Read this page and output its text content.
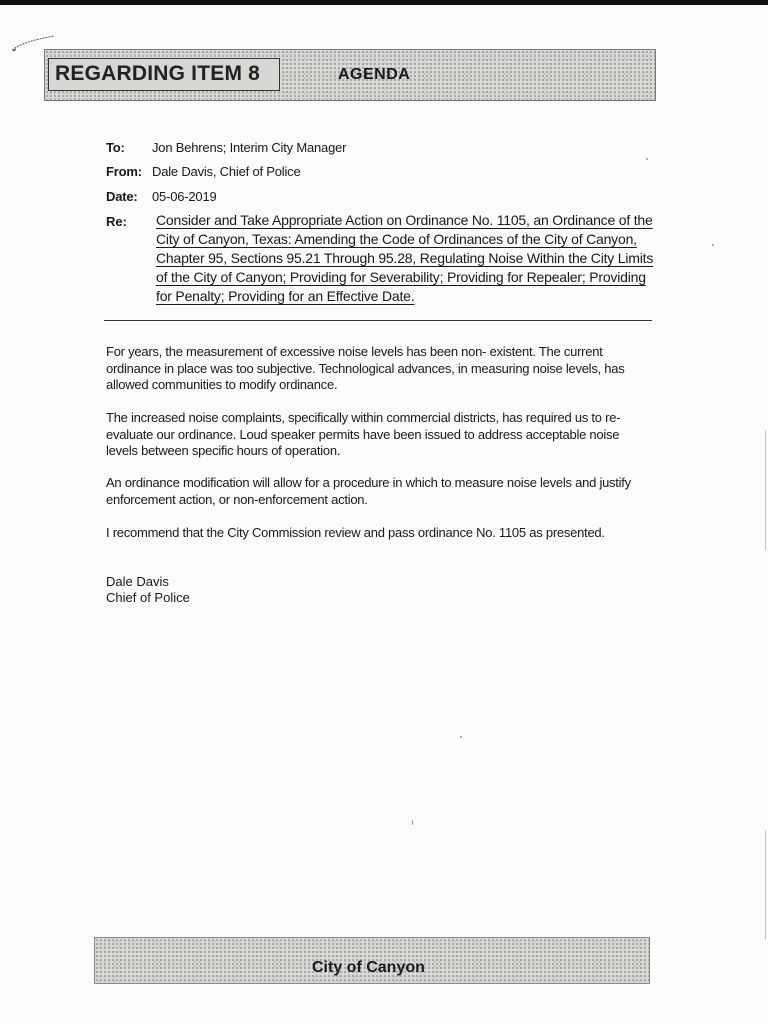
REGARDING ITEM 8	AGENDA
To: Jon Behrens; Interim City Manager
From: Dale Davis, Chief of Police
Date: 05-06-2019
Re: Consider and Take Appropriate Action on Ordinance No. 1105, an Ordinance of the City of Canyon, Texas: Amending the Code of Ordinances of the City of Canyon, Chapter 95, Sections 95.21 Through 95.28, Regulating Noise Within the City Limits of the City of Canyon; Providing for Severability; Providing for Repealer; Providing for Penalty; Providing for an Effective Date.
For years, the measurement of excessive noise levels has been non- existent. The current ordinance in place was too subjective. Technological advances, in measuring noise levels, has allowed communities to modify ordinance.
The increased noise complaints, specifically within commercial districts, has required us to re-evaluate our ordinance. Loud speaker permits have been issued to address acceptable noise levels between specific hours of operation.
An ordinance modification will allow for a procedure in which to measure noise levels and justify enforcement action, or non-enforcement action.
I recommend that the City Commission review and pass ordinance No. 1105 as presented.
Dale Davis
Chief of Police
City of Canyon
